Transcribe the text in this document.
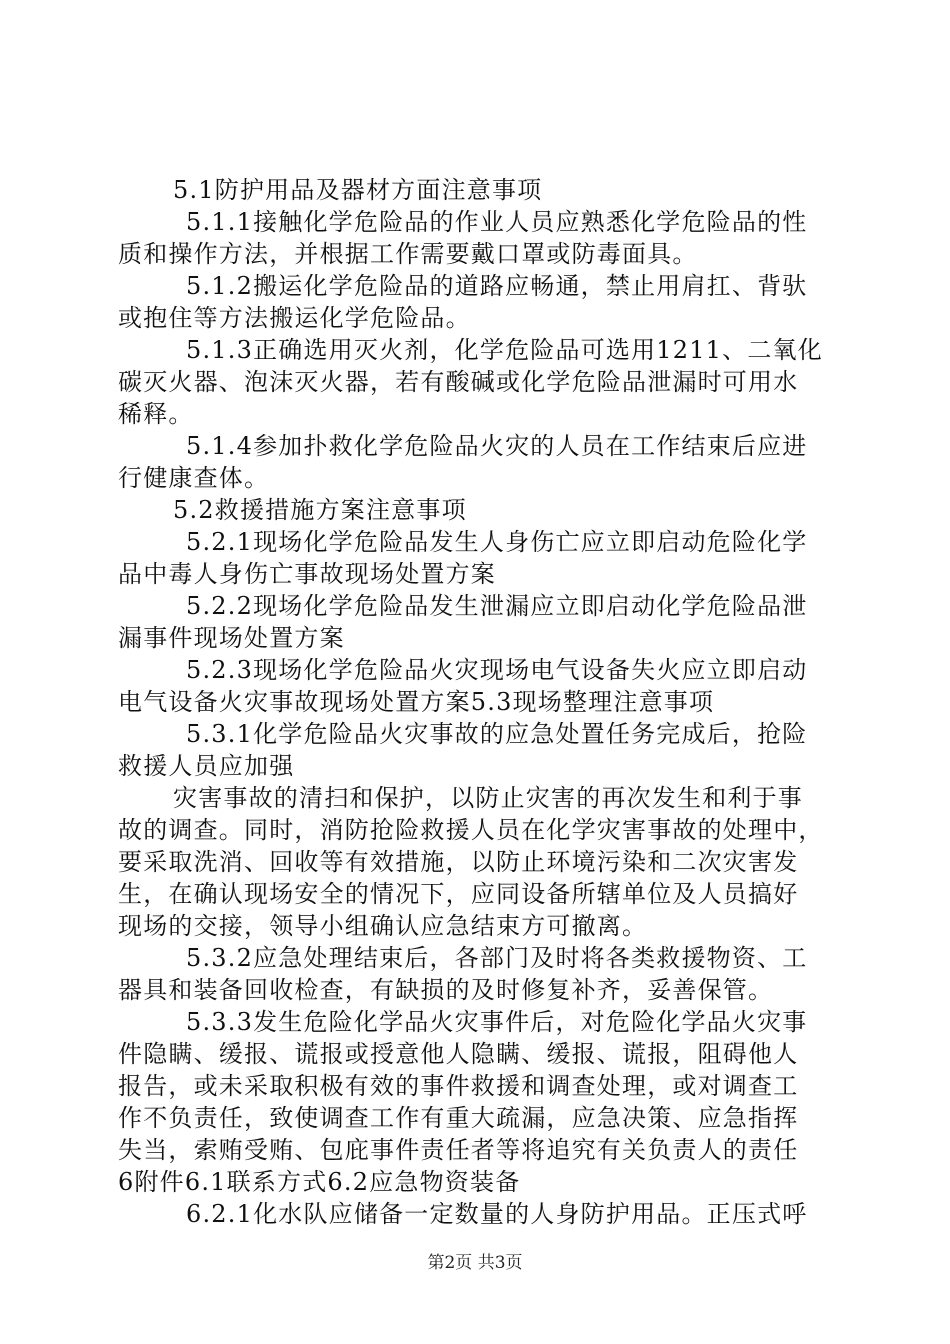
5.1防护用品及器材方面注意事项
5.1.1接触化学危险品的作业人员应熟悉化学危险品的性
质和操作方法，并根据工作需要戴口罩或防毒面具。
5.1.2搬运化学危险品的道路应畅通，禁止用肩扛、背驮
或抱住等方法搬运化学危险品。
5.1.3正确选用灭火剂，化学危险品可选用1211、二氧化
碳灭火器、泡沫灭火器，若有酸碱或化学危险品泄漏时可用水
稀释。
5.1.4参加扑救化学危险品火灾的人员在工作结束后应进
行健康查体。
5.2救援措施方案注意事项
5.2.1现场化学危险品发生人身伤亡应立即启动危险化学
品中毒人身伤亡事故现场处置方案
5.2.2现场化学危险品发生泄漏应立即启动化学危险品泄
漏事件现场处置方案
5.2.3现场化学危险品火灾现场电气设备失火应立即启动
电气设备火灾事故现场处置方案5.3现场整理注意事项
5.3.1化学危险品火灾事故的应急处置任务完成后，抢险
救援人员应加强
灾害事故的清扫和保护，以防止灾害的再次发生和利于事
故的调查。同时，消防抢险救援人员在化学灾害事故的处理中，
要采取洗消、回收等有效措施，以防止环境污染和二次灾害发
生，在确认现场安全的情况下，应同设备所辖单位及人员搞好
现场的交接，领导小组确认应急结束方可撤离。
5.3.2应急处理结束后，各部门及时将各类救援物资、工
器具和装备回收检查，有缺损的及时修复补齐，妥善保管。
5.3.3发生危险化学品火灾事件后，对危险化学品火灾事
件隐瞒、缓报、谎报或授意他人隐瞒、缓报、谎报，阻碍他人
报告，或未采取积极有效的事件救援和调查处理，或对调查工
作不负责任，致使调查工作有重大疏漏，应急决策、应急指挥
失当，索贿受贿、包庇事件责任者等将追究有关负责人的责任
6附件6.1联系方式6.2应急物资装备
6.2.1化水队应储备一定数量的人身防护用品。正压式呼
第2页 共3页
